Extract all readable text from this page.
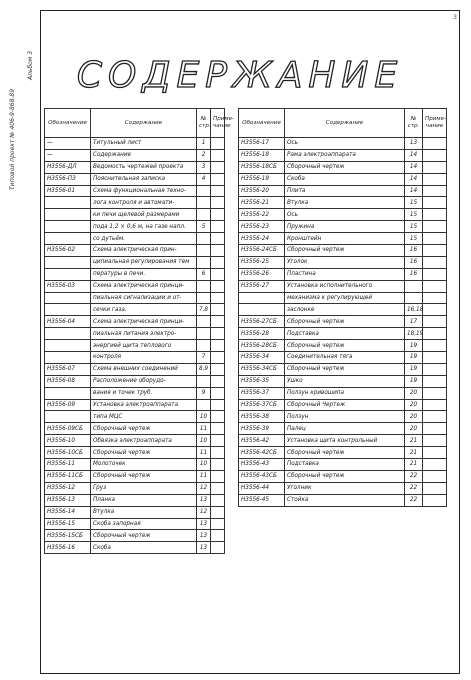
Типовой проект № 406-9-868.89
Альбом 3
3
СОДЕРЖАНИЕ
Обозначение	Содержание	№ стр.	Приме- чание
—	Титульный лист	1	
—	Содержание	2	
Н3556-ДЛ	Ведомость чертежей проекта	3	
Н3556-ПЗ	Пояснительная записка	4	
Н3556-01	Схема функциональная техно-		
	лога контроля и автомати-		
	ки печи щелевой размерами		
	пода 1,2 × 0,6 м, на газе напл.	5	
	со дутьём.		
Н3556-02	Схема электрическая прин-		
	ципиальная регулирования тем		
	пературы в печи.	6	
Н3556-03	Схема электрическая принци-		
	пиальная сигнализации и от-		
	сечки газа.	7,8	
Н3556-04	Схема электрическая принци-		
	пиальная питания электро-		
	энергией щита теплового		
	контроля	7	
Н3556-07	Схема внешних соединений	8,9	
Н3556-08	Расположение оборудо-		
	вания и точек труб.	9	
Н3556-09	Установка электроаппарата		
	типа МЦС	10	
Н3556-09СБ	Сборочный чертеж	11	
Н3556-10	Обвязка электроаппарата	10	
Н3556-10СБ	Сборочный чертеж	11	
Н3556-11	Молоточек	10	
Н3556-11СБ	Сборочный чертеж	11	
Н3556-12	Груз	12	
Н3556-13	Планка	13	
Н3556-14	Втулка	12	
Н3556-15	Скоба запорная	13	
Н3556-15СБ	Сборочный чертеж	13	
Н3556-16	Скоба	13	
Обозначение	Содержание	№ стр.	Приме- чание
Н3556-17	Ось	13	
Н3556-18	Рама электроаппарата	14	
Н3556-18СБ	Сборочный чертеж	14	
Н3556-19	Скоба	14	
Н3556-20	Плита	14	
Н3556-21	Втулка	15	
Н3556-22	Ось	15	
Н3556-23	Пружина	15	
Н3556-24	Кронштейн	15	
Н3556-24СБ	Сборочный чертеж	16	
Н3556-25	Уголок	16	
Н3556-26	Пластина	16	
Н3556-27	Установка исполнительного		
	механизма к регулирующей		
	заслонке	16,18	
Н3556-27СБ	Сборочный чертеж	17	
Н3556-28	Подставка	18,19	
Н3556-28СБ	Сборочный чертеж	19	
Н3556-34	Соединительная тяга	19	
Н3556-34СБ	Сборочный чертеж	19	
Н3556-35	Ушко	19	
Н3556-37	Ползун кривошипа	20	
Н3556-37СБ	Сборочный Чертеж	20	
Н3556-38	Ползун	20	
Н3556-39	Палец	20	
Н3556-42	Установка щита контрольный	21	
Н3556-42СБ	Сборочный чертеж	21	
Н3556-43	Подставка	21	
Н3556-43СБ	Сборочный чертеж	22	
Н3556-44	Уголник	22	
Н3556-45	Стойка	22	
